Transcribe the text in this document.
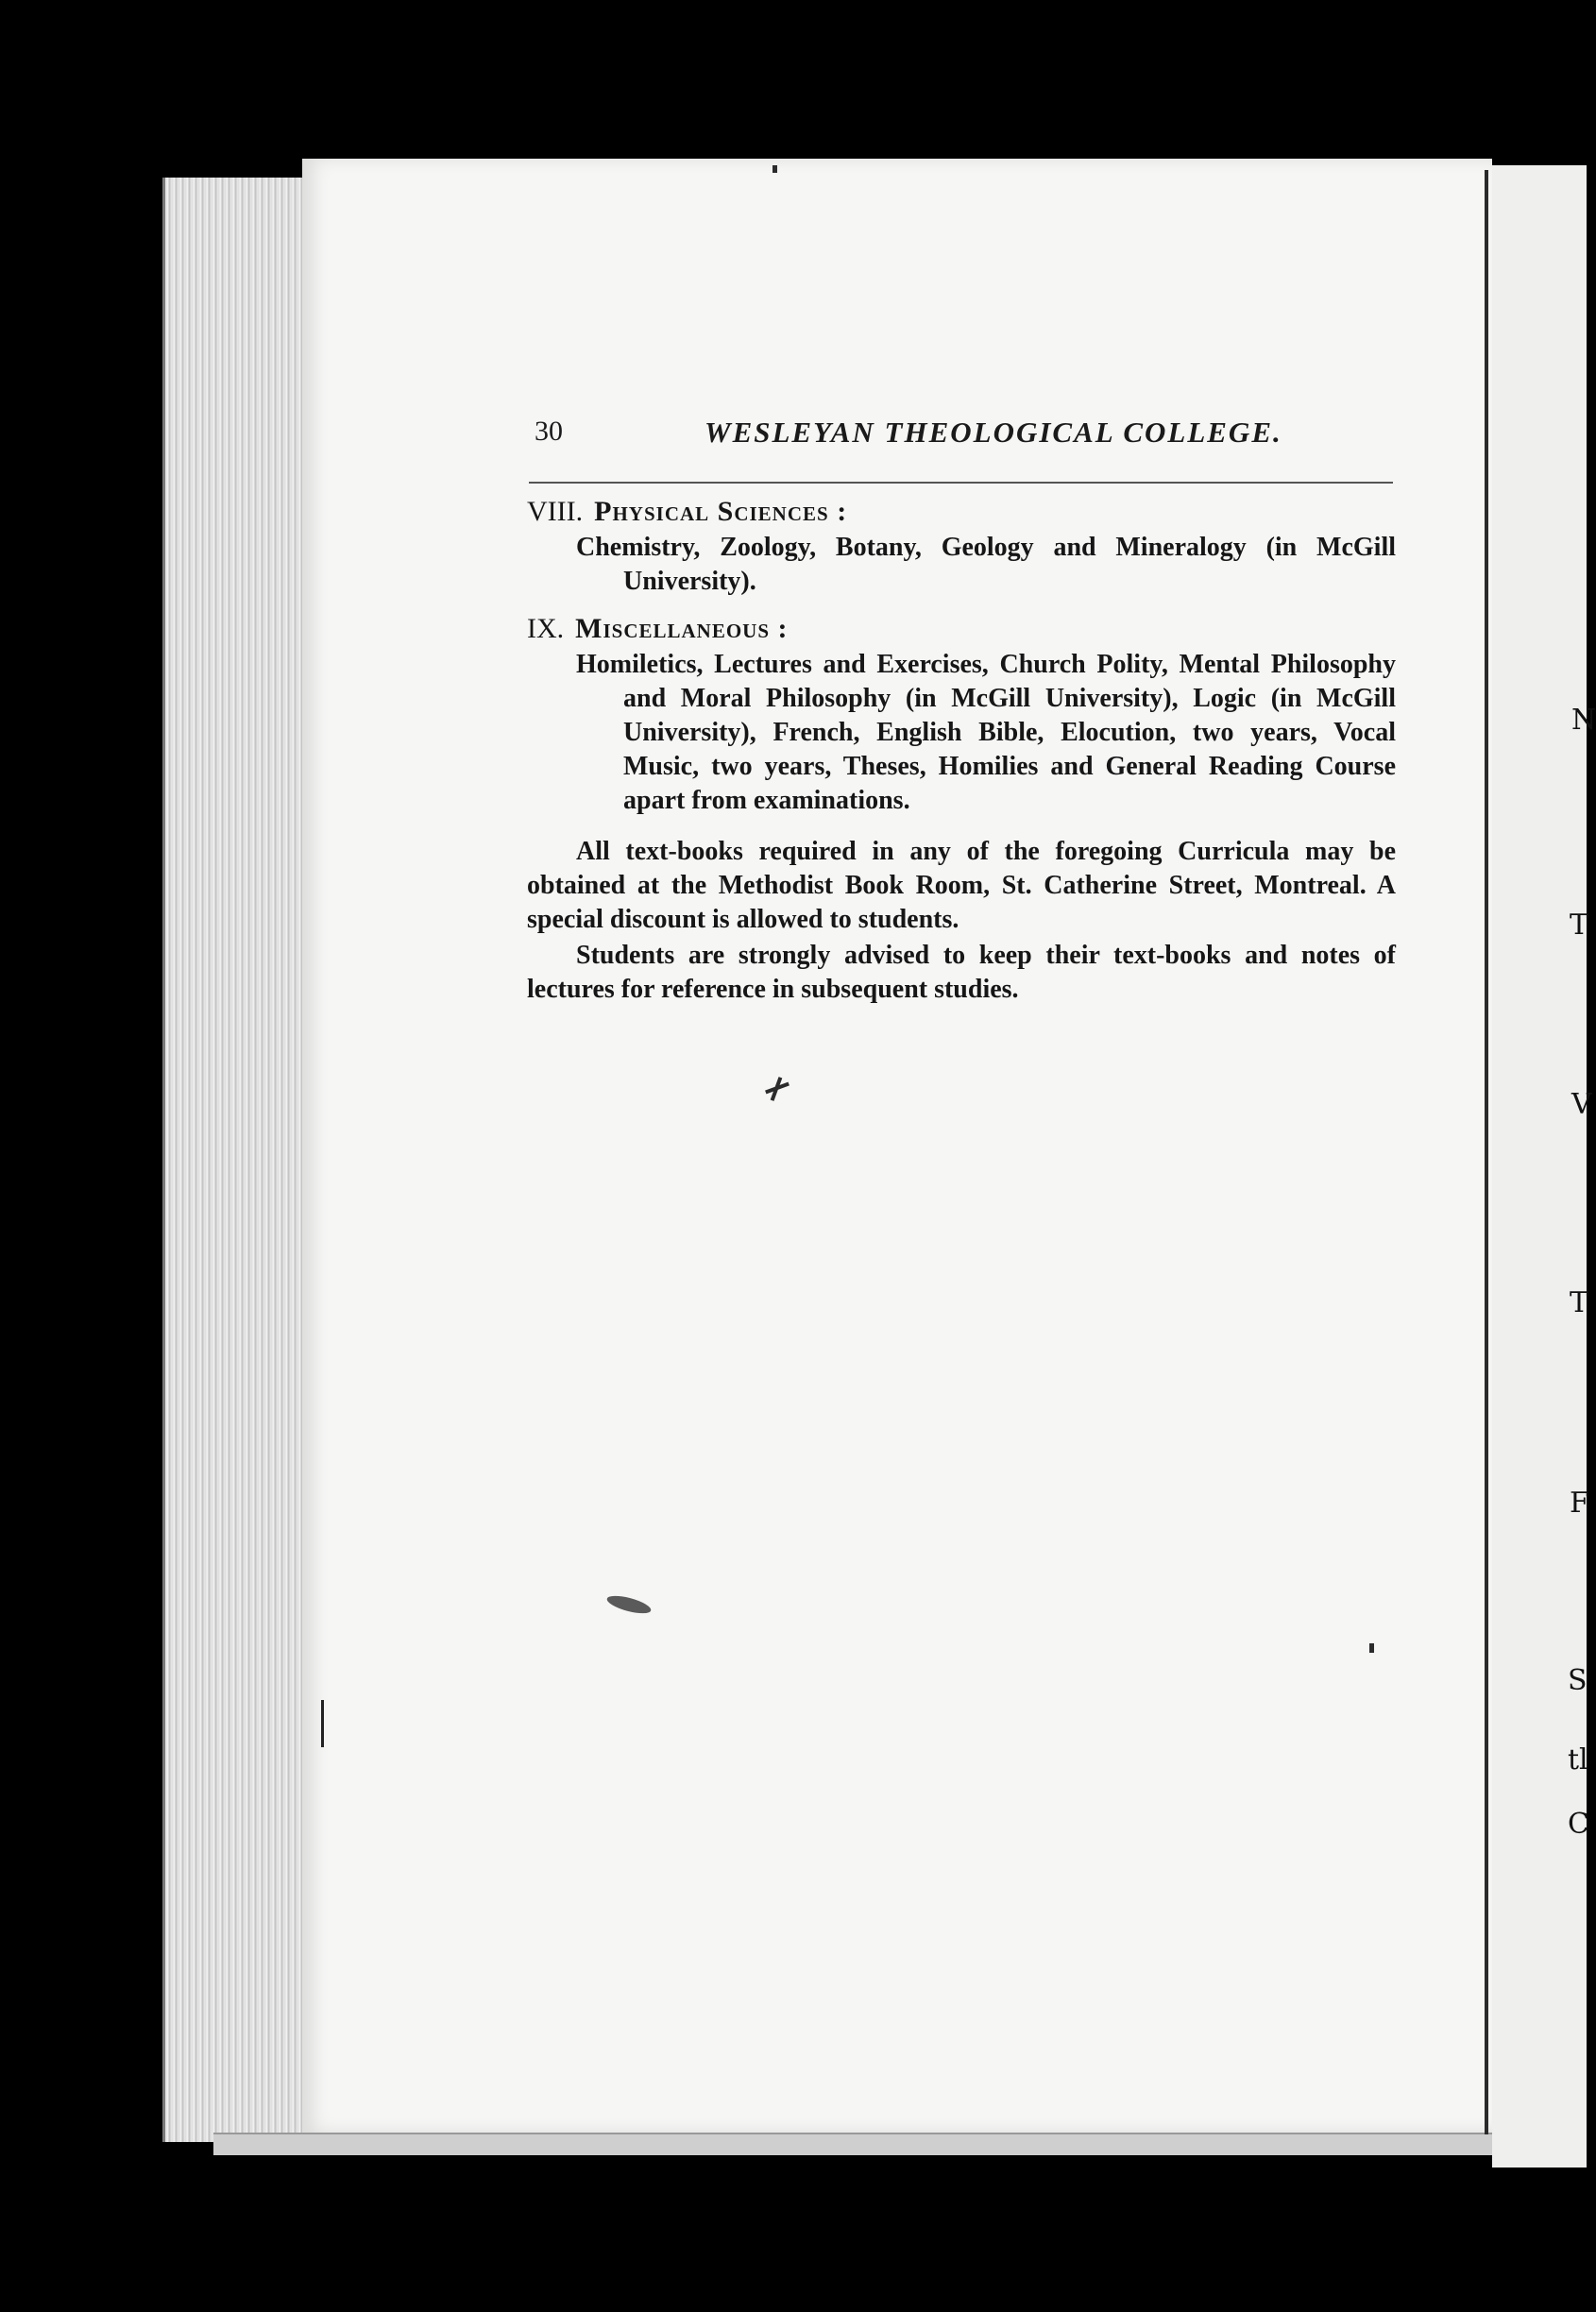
N
T
V
T
F
S
tl
C
30	WESLEYAN THEOLOGICAL COLLEGE.

VIII. Physical Sciences :

Chemistry, Zoology, Botany, Geology and Mineralogy (in McGill University).

IX. Miscellaneous :

Homiletics, Lectures and Exercises, Church Polity, Mental Philosophy and Moral Philosophy (in McGill University), Logic (in McGill University), French, English Bible, Elocution, two years, Vocal Music, two years, Theses, Homilies and General Reading Course apart from examinations.

All text-books required in any of the foregoing Curricula may be obtained at the Methodist Book Room, St. Catherine Street, Montreal. A special discount is allowed to students.

Students are strongly advised to keep their text-books and notes of lectures for reference in subsequent studies.
